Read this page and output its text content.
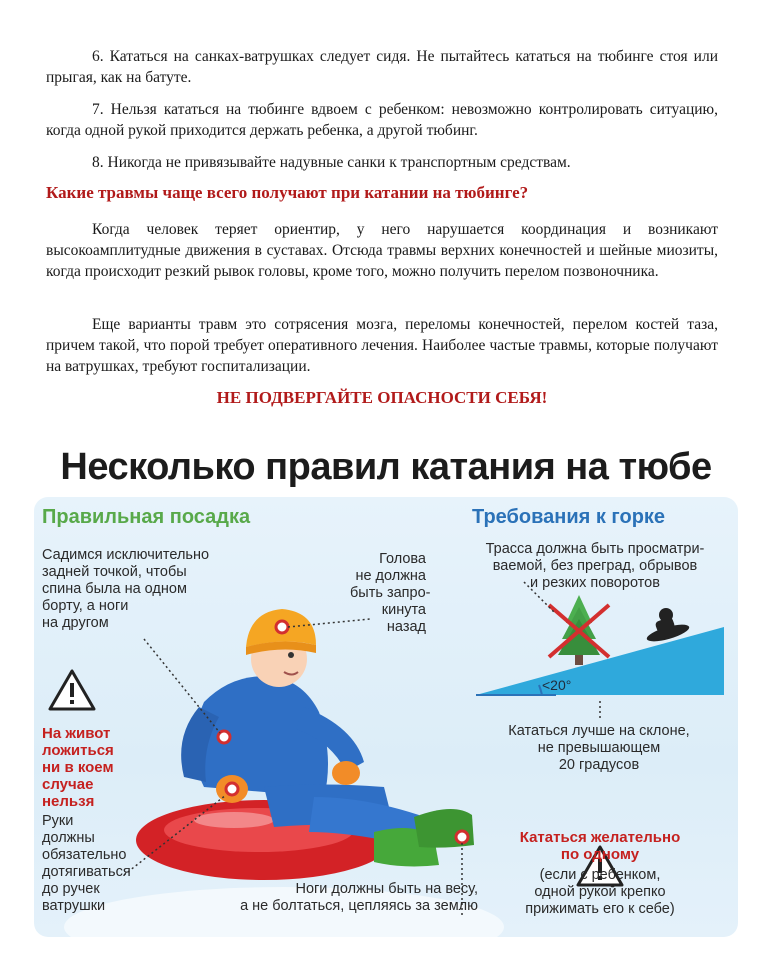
6. Кататься на санках-ватрушках следует сидя. Не пытайтесь кататься на тюбинге стоя или прыгая, как на батуте.

7. Нельзя кататься на тюбинге вдвоем с ребенком: невозможно контролировать ситуацию, когда одной рукой приходится держать ребенка, а другой тюбинг.

8. Никогда не привязывайте надувные санки к транспортным средствам.

Какие травмы чаще всего получают при катании на тюбинге?

Когда человек теряет ориентир, у него нарушается координация и возникают высокоамплитудные движения в суставах. Отсюда травмы верхних конечностей и шейные миозиты, когда происходит резкий рывок головы, кроме того, можно получить перелом позвоночника.

Еще варианты травм это сотрясения мозга, переломы конечностей, перелом костей таза, причем такой, что порой требует оперативного лечения. Наиболее частые травмы, которые получают на ватрушках, требуют госпитализации.

НЕ ПОДВЕРГАЙТЕ ОПАСНОСТИ СЕБЯ!

Несколько правил катания на тюбе
Правильная посадка
Садимся исключительно
задней точкой, чтобы
спина была на одном
борту, а ноги
на другом
На живот
ложиться
ни в коем
случае
нельзя
Руки
должны
обязательно
дотягиваться
до ручек
ватрушки
Голова
не должна
быть запро-
кинута
назад
Ноги должны быть на весу,
а не болтаться, цепляясь за землю
Требования к горке
Трасса должна быть просматри-
ваемой, без преград, обрывов
и резких поворотов
<20°
Кататься лучше на склоне,
не превышающем
20 градусов
Кататься желательно
по одному
(если с ребенком,
одной рукой крепко
прижимать его к себе)
